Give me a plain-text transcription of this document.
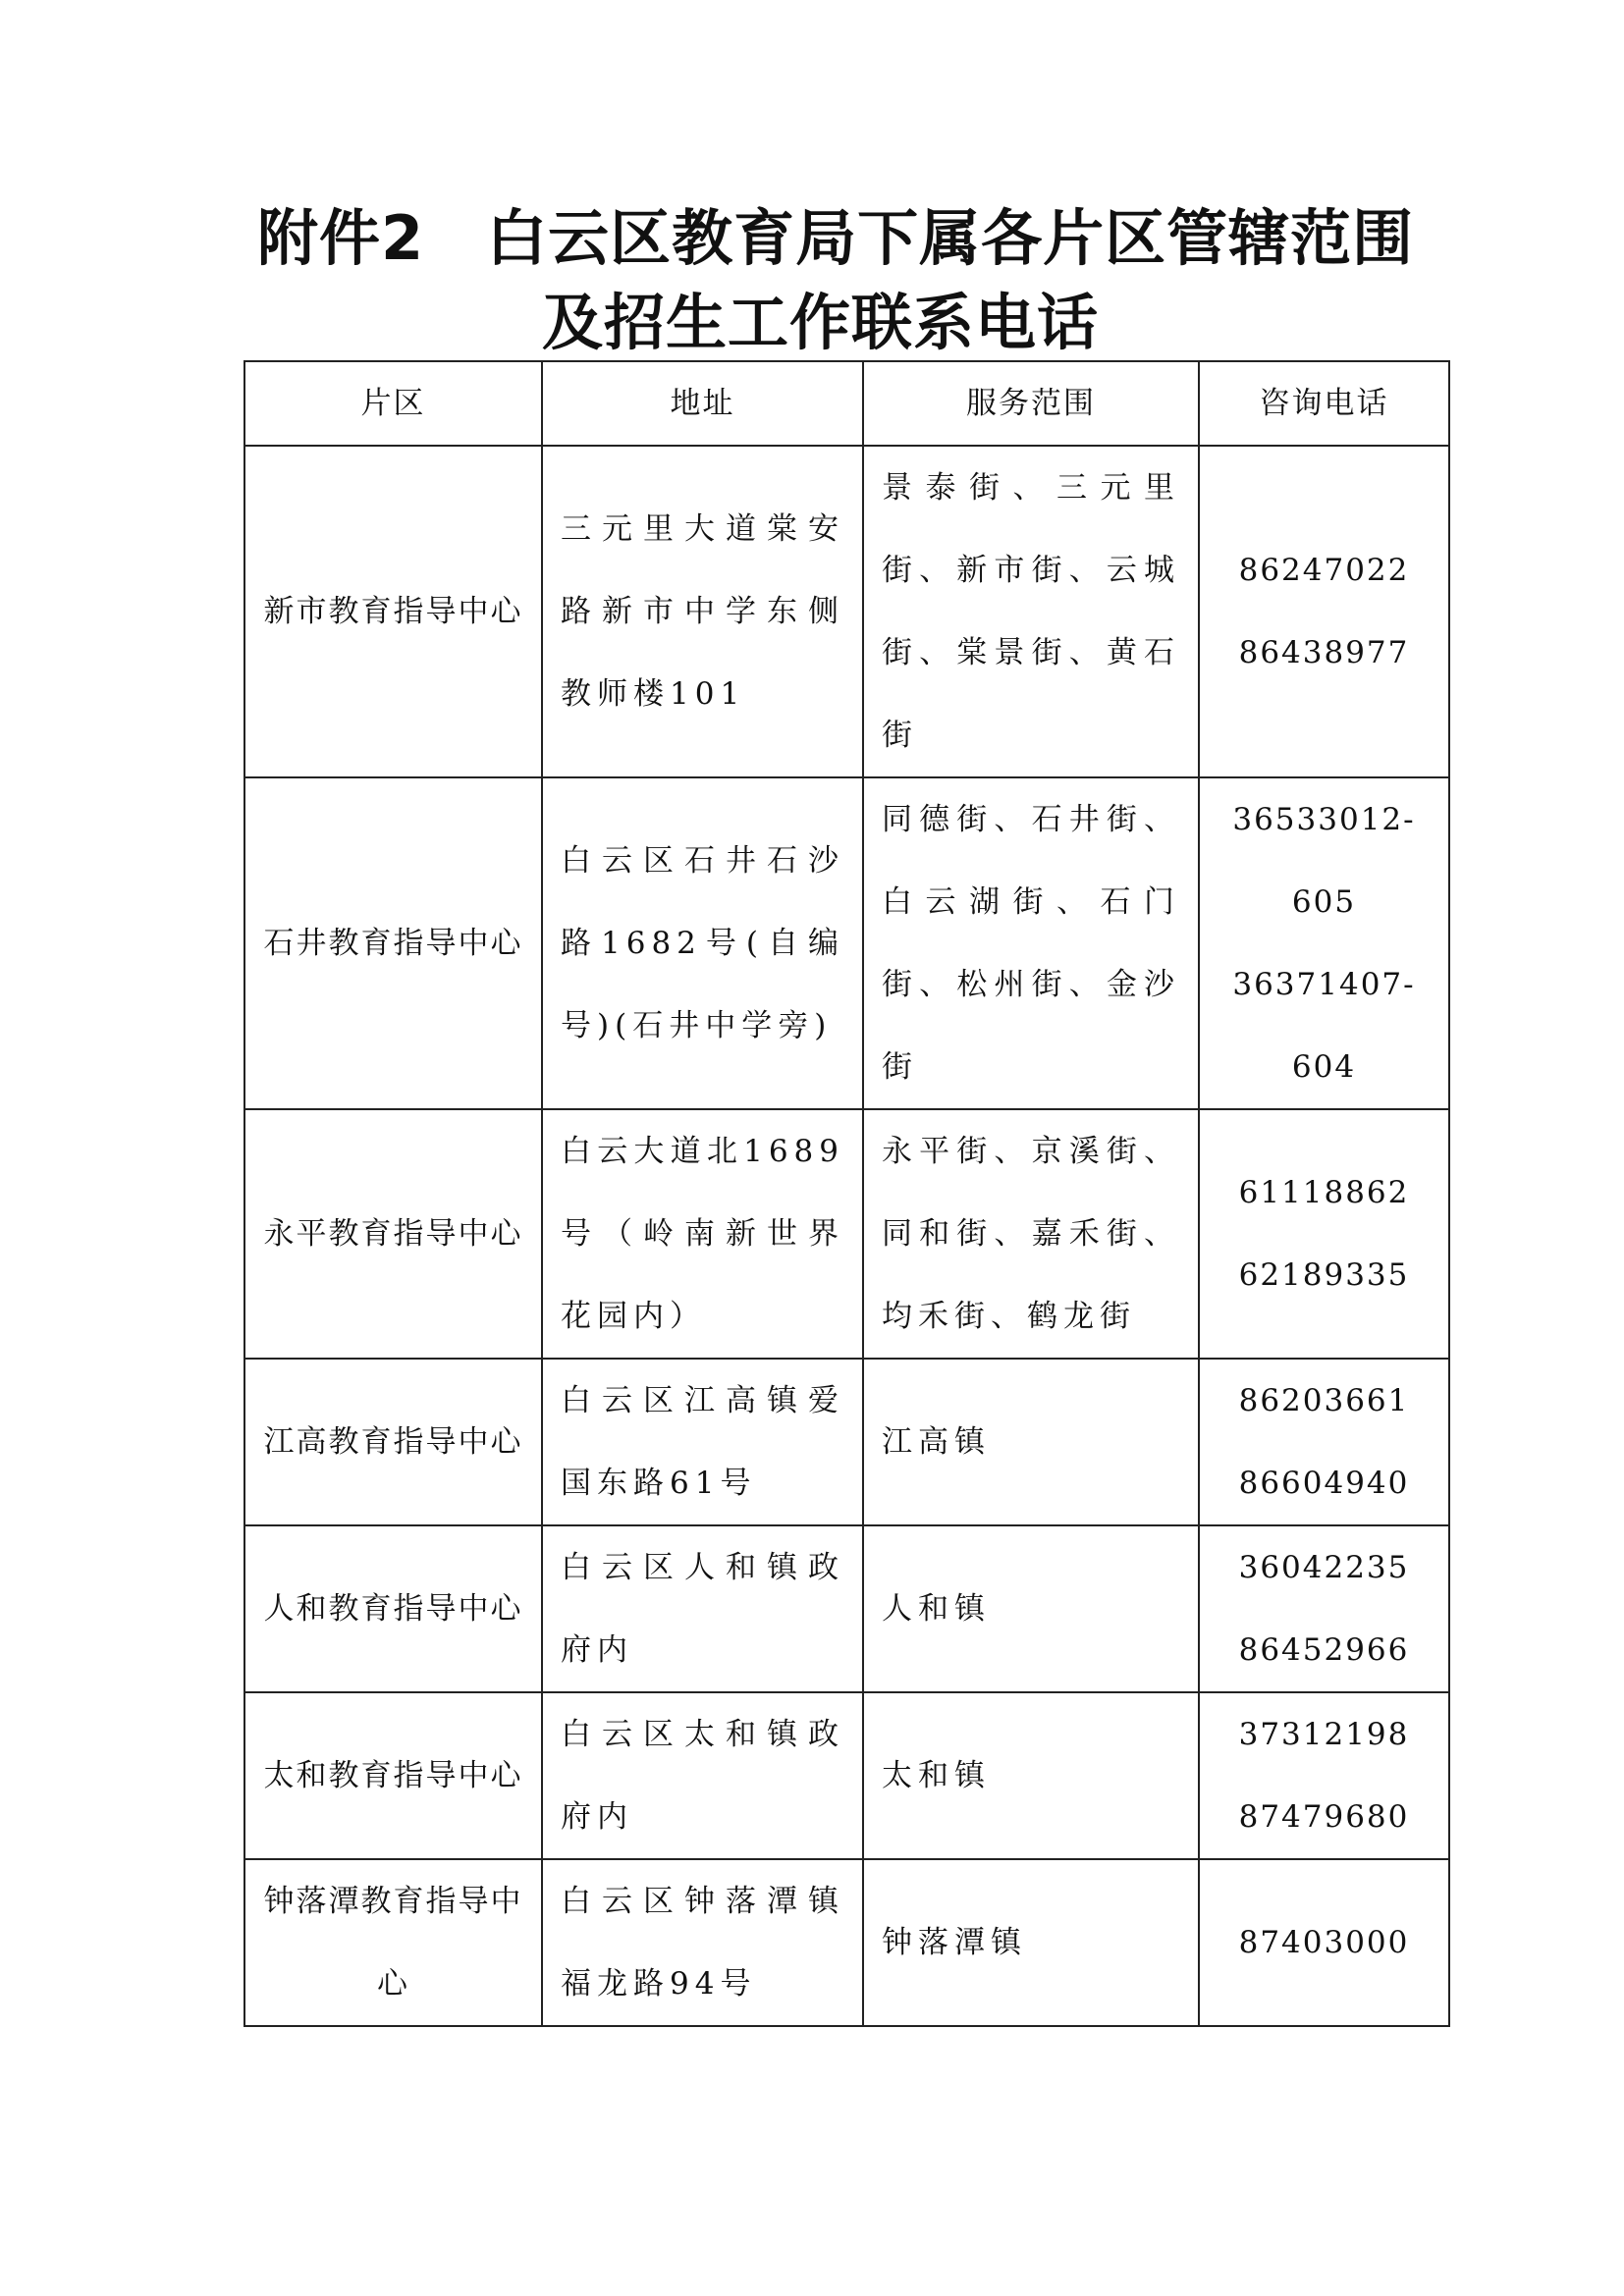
附件2　白云区教育局下属各片区管辖范围
及招生工作联系电话
片区	地址	服务范围	咨询电话
新市教育指导中心	三元里大道棠安路新市中学东侧教师楼101	景泰街、三元里街、新市街、云城街、棠景街、黄石街	86247022
86438977

石井教育指导中心	白云区石井石沙路1682号(自编号)(石井中学旁)	同德街、石井街、白云湖街、石门街、松州街、金沙街	36533012-605
36371407-604

永平教育指导中心	白云大道北1689号（岭南新世界花园内）	永平街、京溪街、同和街、嘉禾街、均禾街、鹤龙街	61118862
62189335

江高教育指导中心	白云区江高镇爱国东路61号	江高镇	86203661
86604940

人和教育指导中心	白云区人和镇政府内	人和镇	36042235
86452966

太和教育指导中心	白云区太和镇政府内	太和镇	37312198
87479680

钟落潭教育指导中心	白云区钟落潭镇福龙路94号	钟落潭镇	87403000
